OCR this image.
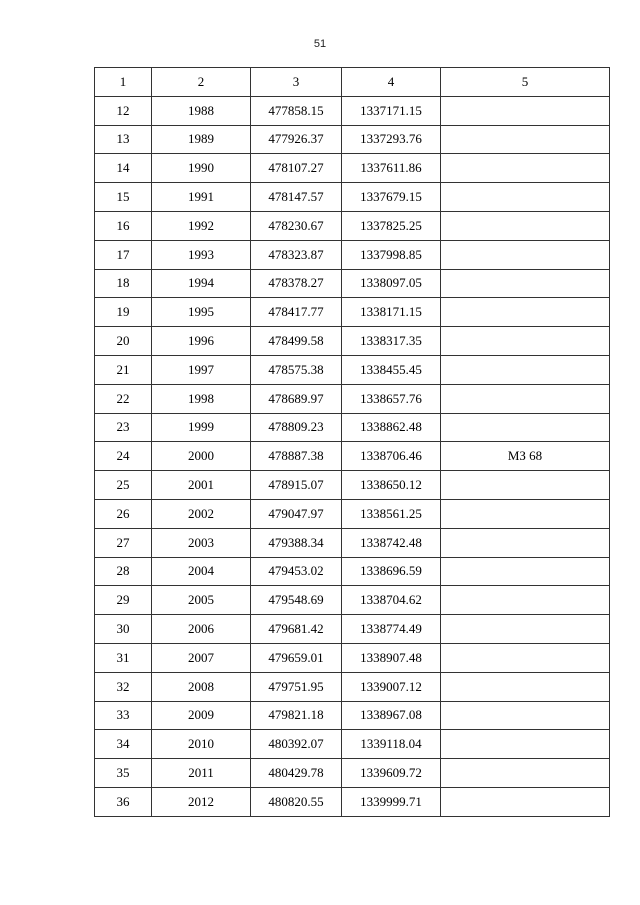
51
1	2	3	4	5
12	1988	477858.15	1337171.15	
13	1989	477926.37	1337293.76	
14	1990	478107.27	1337611.86	
15	1991	478147.57	1337679.15	
16	1992	478230.67	1337825.25	
17	1993	478323.87	1337998.85	
18	1994	478378.27	1338097.05	
19	1995	478417.77	1338171.15	
20	1996	478499.58	1338317.35	
21	1997	478575.38	1338455.45	
22	1998	478689.97	1338657.76	
23	1999	478809.23	1338862.48	
24	2000	478887.38	1338706.46	МЗ 68
25	2001	478915.07	1338650.12	
26	2002	479047.97	1338561.25	
27	2003	479388.34	1338742.48	
28	2004	479453.02	1338696.59	
29	2005	479548.69	1338704.62	
30	2006	479681.42	1338774.49	
31	2007	479659.01	1338907.48	
32	2008	479751.95	1339007.12	
33	2009	479821.18	1338967.08	
34	2010	480392.07	1339118.04	
35	2011	480429.78	1339609.72	
36	2012	480820.55	1339999.71	
